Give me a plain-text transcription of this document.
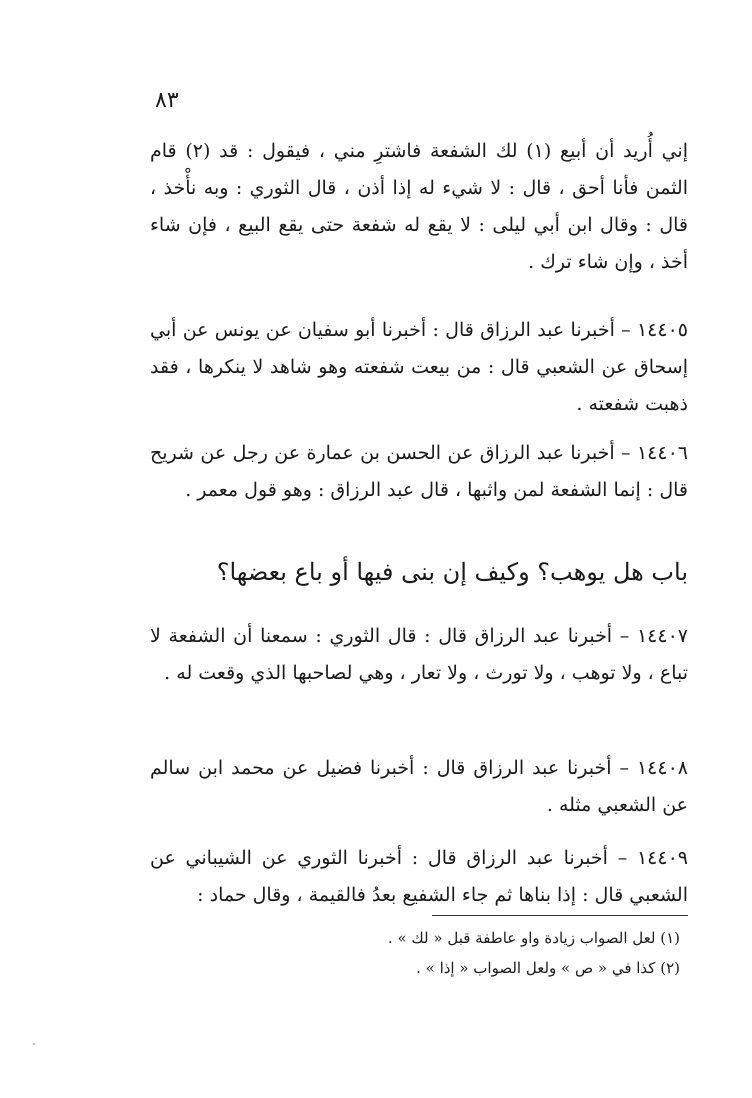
٨٣

إني أُريد أن أبيع (١) لك الشفعة فاشترِ مني ، فيقول : قد (٢) قام الثمن فأنا أحق ، قال : لا شيء له إذا أذن ، قال الثوري : وبه نأْخذ ، قال : وقال ابن أبي ليلى : لا يقع له شفعة حتى يقع البيع ، فإن شاء أخذ ، وإن شاء ترك .

١٤٤٠٥ – أخبرنا عبد الرزاق قال : أخبرنا أبو سفيان عن يونس عن أبي إسحاق عن الشعبي قال : من بيعت شفعته وهو شاهد لا ينكرها ، فقد ذهبت شفعته .

١٤٤٠٦ – أخبرنا عبد الرزاق عن الحسن بن عمارة عن رجل عن شريح قال : إنما الشفعة لمن واثبها ، قال عبد الرزاق : وهو قول معمر .

باب هل يوهب؟ وكيف إن بنى فيها أو باع بعضها؟

١٤٤٠٧ – أخبرنا عبد الرزاق قال : قال الثوري : سمعنا أن الشفعة لا تباع ، ولا توهب ، ولا تورث ، ولا تعار ، وهي لصاحبها الذي وقعت له .

١٤٤٠٨ – أخبرنا عبد الرزاق قال : أخبرنا فضيل عن محمد ابن سالم عن الشعبي مثله .

١٤٤٠٩ – أخبرنا عبد الرزاق قال : أخبرنا الثوري عن الشيباني عن الشعبي قال : إذا بناها ثم جاء الشفيع بعدُ فالقيمة ، وقال حماد :

(١) لعل الصواب زيادة واو عاطفة قبل « لك » .

(٢) كذا في « ص » ولعل الصواب « إذا » .
